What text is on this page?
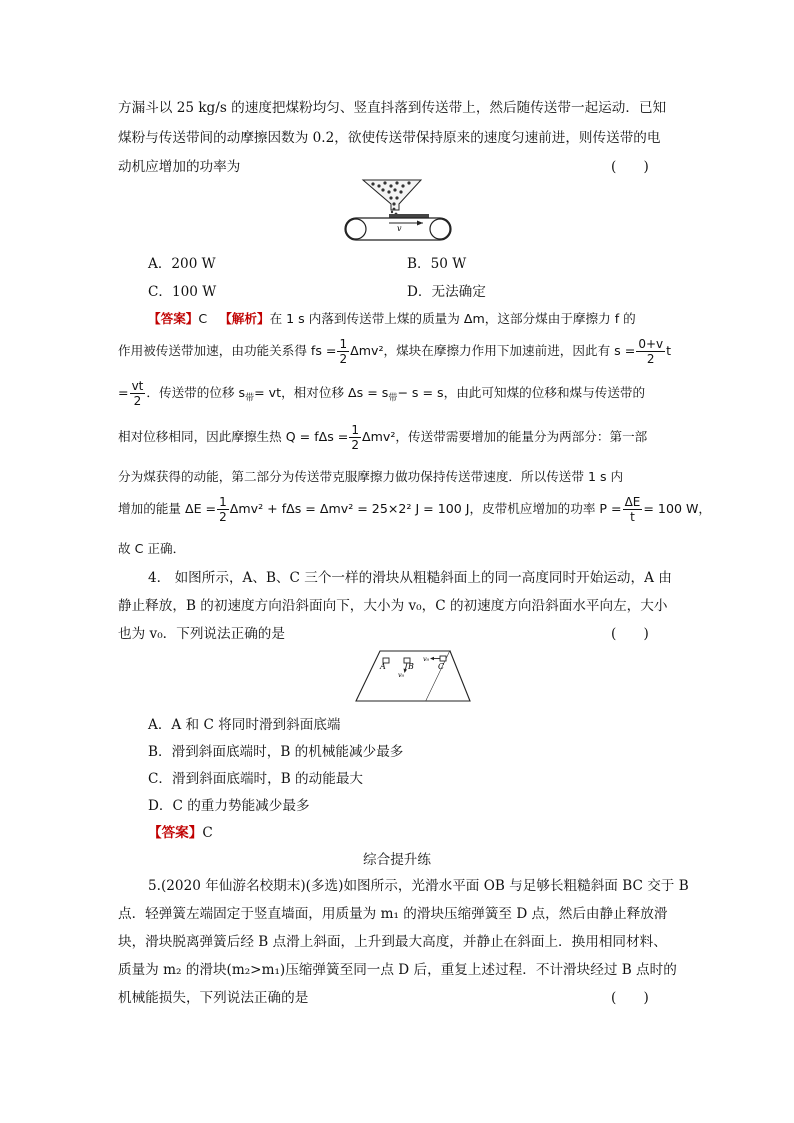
方漏斗以 25 kg/s 的速度把煤粉均匀、竖直抖落到传送带上，然后随传送带一起运动．已知
煤粉与传送带间的动摩擦因数为 0.2，欲使传送带保持原来的速度匀速前进，则传送带的电
动机应增加的功率为	(　　)
v
A．200 W	B．50 W
C．100 W	D．无法确定
【答案】C 【解析】在 1 s 内落到传送带上煤的质量为 Δm，这部分煤由于摩擦力 f 的
作用被传送带加速，由功能关系得 fs = $\frac{1}{2} \Delta mv^2$，煤块在摩擦力作用下加速前进，因此有 $s = \frac{0+v}{2}$ t
= $\frac{vt}{2}$ ．传送带的位移 $s_带=$ vt，相对位移 $\Delta s = s_带- s = s$，由此可知煤的位移和煤与传送带的
相对位移相同，因此摩擦生热 $Q = f\Delta s = \frac{1}{2} \Delta mv^2$，传送带需要增加的能量分为两部分：第一部
分为煤获得的动能，第二部分为传送带克服摩擦力做功保持传送带速度．所以传送带 1 s 内
增加的能量 $\Delta E = \frac{1}{2} \Delta mv^2 + f\Delta s = \Delta mv^2 = 25\times 2^2$ J = 100 J，皮带机应增加的功率 $P = \frac{\Delta E}{t} = 100$ W，
故 C 正确．
4． 如图所示，A、B、C 三个一样的滑块从粗糙斜面上的同一高度同时开始运动，A 由
静止释放，B 的初速度方向沿斜面向下，大小为 v₀，C 的初速度方向沿斜面水平向左，大小
也为 v₀．下列说法正确的是	(　　)
A	B	C
v₀
v₀
A．A 和 C 将同时滑到斜面底端
B．滑到斜面底端时，B 的机械能减少最多
C．滑到斜面底端时，B 的动能最大
D．C 的重力势能减少最多
【答案】C
综合提升练
5.(2020 年仙游名校期末)(多选)如图所示，光滑水平面 OB 与足够长粗糙斜面 BC 交于 B
点．轻弹簧左端固定于竖直墙面，用质量为 m₁ 的滑块压缩弹簧至 D 点，然后由静止释放滑
块，滑块脱离弹簧后经 B 点滑上斜面，上升到最大高度，并静止在斜面上．换用相同材料、
质量为 m₂ 的滑块(m₂>m₁)压缩弹簧至同一点 D 后，重复上述过程．不计滑块经过 B 点时的
机械能损失，下列说法正确的是	(　　)
